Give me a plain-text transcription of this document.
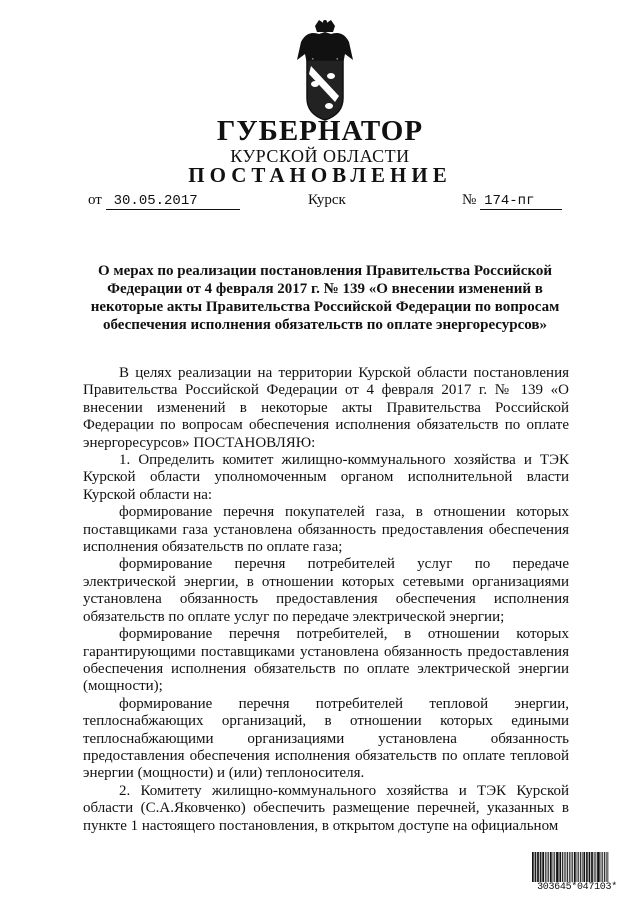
ГУБЕРНАТОР
КУРСКОЙ ОБЛАСТИ
ПОСТАНОВЛЕНИЕ
от 30.05.2017	Курск	№ 174-пг
О мерах по реализации постановления Правительства Российской Федерации от 4 февраля 2017 г. № 139 «О внесении изменений в некоторые акты Правительства Российской Федерации по вопросам обеспечения исполнения обязательств по оплате энергоресурсов»

В целях реализации на территории Курской области постановления Правительства Российской Федерации от 4 февраля 2017 г. № 139 «О внесении изменений в некоторые акты Правительства Российской Федерации по вопросам обеспечения исполнения обязательств по оплате энергоресурсов» ПОСТАНОВЛЯЮ:

1. Определить комитет жилищно-коммунального хозяйства и ТЭК Курской области уполномоченным органом исполнительной власти Курской области на:

формирование перечня покупателей газа, в отношении которых поставщиками газа установлена обязанность предоставления обеспечения исполнения обязательств по оплате газа;

формирование перечня потребителей услуг по передаче электрической энергии, в отношении которых сетевыми организациями установлена обязанность предоставления обеспечения исполнения обязательств по оплате услуг по передаче электрической энергии;

формирование перечня потребителей, в отношении которых гарантирующими поставщиками установлена обязанность предоставления обеспечения исполнения обязательств по оплате электрической энергии (мощности);

формирование перечня потребителей тепловой энергии, теплоснабжающих организаций, в отношении которых едиными теплоснабжающими организациями установлена обязанность предоставления обеспечения исполнения обязательств по оплате тепловой энергии (мощности) и (или) теплоносителя.

2. Комитету жилищно-коммунального хозяйства и ТЭК Курской области (С.А.Яковченко) обеспечить размещение перечней, указанных в пункте 1 настоящего постановления, в открытом доступе на официальном

303645*047103*
